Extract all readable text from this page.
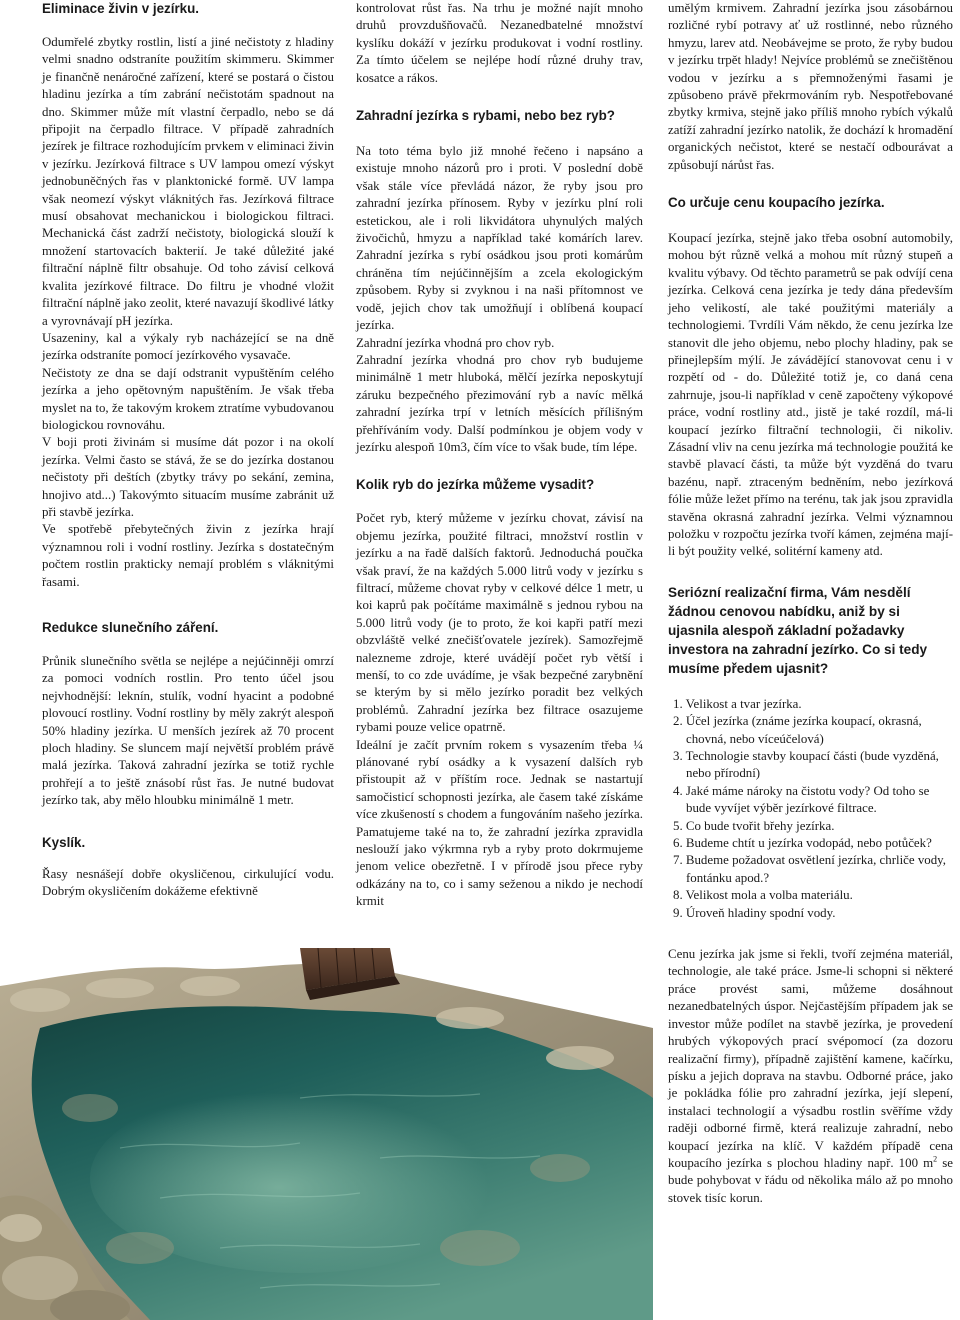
Eliminace živin v jezírku.

Odumřelé zbytky rostlin, listí a jiné nečistoty z hladiny velmi snadno odstraníte použitím skimmeru. Skimmer je finančně nenáročné zařízení, které se postará o čistou hladinu jezírka a tím zabrání nečistotám spadnout na dno. Skimmer může mít vlastní čerpadlo, nebo se dá připojit na čerpadlo filtrace. V případě zahradních jezírek je filtrace rozhodujícím prvkem v eliminaci živin v jezírku. Jezírková filtrace s UV lampou omezí výskyt jednobuněčných řas v planktonické formě. UV lampa však neomezí výskyt vláknitých řas. Jezírková filtrace musí obsahovat mechanickou i biologickou filtraci. Mechanická část zadrží nečistoty, biologická slouží k množení startovacích bakterií. Je také důležité jaké filtrační náplně filtr obsahuje. Od toho závisí celková kvalita jezírkové filtrace. Do filtru je vhodné vložit filtrační náplně jako zeolit, které navazují škodlivé látky a vyrovnávají pH jezírka.

Usazeniny, kal a výkaly ryb nacházející se na dně jezírka odstraníte pomocí jezírkového vysavače.

Nečistoty ze dna se dají odstranit vypuštěním celého jezírka a jeho opětovným napuštěním. Je však třeba myslet na to, že takovým krokem ztratíme vybudovanou biologickou rovnováhu.

V boji proti živinám si musíme dát pozor i na okolí jezírka. Velmi často se stává, že se do jezírka dostanou nečistoty při deštích (zbytky trávy po sekání, zemina, hnojivo atd...) Takovýmto situacím musíme zabránit už při stavbě jezírka.

Ve spotřebě přebytečných živin z jezírka hrají významnou roli i vodní rostliny. Jezírka s dostatečným počtem rostlin prakticky nemají problém s vláknitými řasami.

Redukce slunečního záření.

Průnik slunečního světla se nejlépe a nejúčinněji omrzí za pomoci vodních rostlin. Pro tento účel jsou nejvhodnější: leknín, stulík, vodní hyacint a podobné plovoucí rostliny. Vodní rostliny by měly zakrýt alespoň 50% hladiny jezírka. U menších jezírek až 70 procent ploch hladiny. Se sluncem mají největší problém právě malá jezírka. Taková zahradní jezírka se totiž rychle prohřejí a to ještě znásobí růst řas. Je nutné budovat jezírko tak, aby mělo hloubku minimálně 1 metr.

Kyslík.

Řasy nesnášejí dobře okysličenou, cirkulující vodu. Dobrým okysličením dokážeme efektivně

kontrolovat růst řas. Na trhu je možné najít mnoho druhů provzdušňovačů. Nezanedbatelné množství kyslíku dokáží v jezírku produkovat i vodní rostliny. Za tímto účelem se nejlépe hodí různé druhy trav, kosatce a rákos.

Zahradní jezírka s rybami, nebo bez ryb?

Na toto téma bylo již mnohé řečeno i napsáno a existuje mnoho názorů pro i proti. V poslední době však stále více převládá názor, že ryby jsou pro zahradní jezírka přínosem. Ryby v jezírku plní roli estetickou, ale i roli likvidátora uhynulých malých živočichů, hmyzu a například také komárích larev. Zahradní jezírka s rybí osádkou jsou proti komárům chráněna tím nejúčinnějším a zcela ekologickým způsobem. Ryby si zvyknou i na naši přítomnost ve vodě, jejich chov tak umožňují i oblíbená koupací jezírka.

Zahradní jezírka vhodná pro chov ryb.

Zahradní jezírka vhodná pro chov ryb budujeme minimálně 1 metr hluboká, mělčí jezírka neposkytují záruku bezpečného přezimování ryb a navíc mělká zahradní jezírka trpí v letních měsících přílišným přehříváním vody. Další podmínkou je objem vody v jezírku alespoň 10m3, čím více to však bude, tím lépe.

Kolik ryb do jezírka můžeme vysadit?

Počet ryb, který můžeme v jezírku chovat, závisí na objemu jezírka, použité filtraci, množství rostlin v jezírku a na řadě dalších faktorů. Jednoduchá poučka však praví, že na každých 5.000 litrů vody v jezírku s filtrací, můžeme chovat ryby v celkové délce 1 metr, u koi kaprů pak počítáme maximálně s jednou rybou na 5.000 litrů vody (je to proto, že koi kapři patří mezi obzvláště velké znečišťovatele jezírek). Samozřejmě nalezneme zdroje, které uvádějí počet ryb větší i menší, to co zde uvádíme, je však bezpečné zarybnění se kterým by si mělo jezírko poradit bez velkých problémů. Zahradní jezírka bez filtrace osazujeme rybami pouze velice opatrně.

Ideální je začít prvním rokem s vysazením třeba ¼ plánované rybí osádky a k vysazení dalších ryb přistoupit až v příštím roce. Jednak se nastartují samočisticí schopnosti jezírka, ale časem také získáme více zkušeností s chodem a fungováním našeho jezírka. Pamatujeme také na to, že zahradní jezírka zpravidla neslouží jako výkrmna ryb a ryby proto dokrmujeme jenom velice obezřetně. I v přírodě jsou přece ryby odkázány na to, co i samy seženou a nikdo je nechodí krmit

umělým krmivem. Zahradní jezírka jsou zásobárnou rozličné rybí potravy ať už rostlinné, nebo různého hmyzu, larev atd. Neobávejme se proto, že ryby budou v jezírku trpět hlady! Nejvíce problémů se znečištěnou vodou v jezírku a s přemnoženými řasami je způsobeno právě překrmováním ryb. Nespotřebované zbytky krmiva, stejně jako příliš mnoho rybích výkalů zatíží zahradní jezírko natolik, že dochází k hromadění organických nečistot, které se nestačí odbourávat a způsobují nárůst řas.

Co určuje cenu koupacího jezírka.

Koupací jezírka, stejně jako třeba osobní automobily, mohou být různě velká a mohou mít různý stupeň a kvalitu výbavy. Od těchto parametrů se pak odvíjí cena jezírka. Celková cena jezírka je tedy dána především jeho velikostí, ale také použitými materiály a technologiemi. Tvrdíli Vám někdo, že cenu jezírka lze stanovit dle jeho objemu, nebo plochy hladiny, pak se přinejlepším mýlí. Je závádějící stanovovat cenu i v rozpětí od - do. Důležité totiž je, co daná cena zahrnuje, jsou-li například v ceně započteny výkopové práce, vodní rostliny atd., jistě je také rozdíl, má-li koupací jezírko filtrační technologii, či nikoliv. Zásadní vliv na cenu jezírka má technologie použitá ke stavbě plavací části, ta může být vyzděná do tvaru bazénu, např. ztraceným bedněním, nebo jezírková fólie může ležet přímo na terénu, tak jak jsou zpravidla stavěna okrasná zahradní jezírka. Velmi významnou položku v rozpočtu jezírka tvoří kámen, zejména mají-li být použity velké, solitérní kameny atd.

Seriózní realizační firma, Vám nesdělí žádnou cenovou nabídku, aniž by si ujasnila alespoň základní požadavky investora na zahradní jezírko. Co si tedy musíme předem ujasnit?
1. Velikost a tvar jezírka.
2. Účel jezírka (známe jezírka koupací, okrasná, chovná, nebo víceúčelová)
3. Technologie stavby koupací části (bude vyzděná, nebo přírodní)
4. Jaké máme nároky na čistotu vody? Od toho se bude vyvíjet výběr jezírkové filtrace.
5. Co bude tvořit břehy jezírka.
6. Budeme chtít u jezírka vodopád, nebo potůček?
7. Budeme požadovat osvětlení jezírka, chrliče vody, fontánku apod.?
8. Velikost mola a volba materiálu.
9. Úroveň hladiny spodní vody.

Cenu jezírka jak jsme si řekli, tvoří zejména materiál, technologie, ale také práce. Jsme-li schopni si některé práce provést sami, můžeme dosáhnout nezanedbatelných úspor. Nejčastějším případem jak se investor může podílet na stavbě jezírka, je provedení hrubých výkopových prací svépomocí (za dozoru realizační firmy), případně zajištění kamene, kačírku, písku a jejich doprava na stavbu. Odborné práce, jako je pokládka fólie pro zahradní jezírka, její slepení, instalaci technologií a výsadbu rostlin svěříme vždy raději odborné firmě, která realizuje zahradní, nebo koupací jezírka na klíč. V každém případě cena koupacího jezírka s plochou hladiny např. 100 $m^2$ se bude pohybovat v řádu od několika málo až po mnoho stovek tisíc korun.
